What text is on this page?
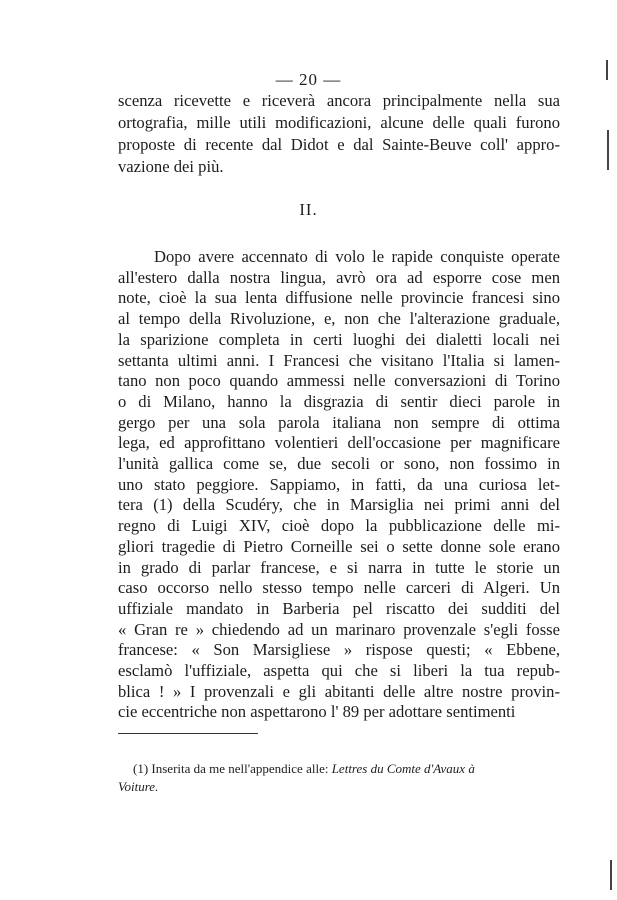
— 20 —
scenza ricevette e riceverà ancora principalmente nella sua
ortografia, mille utili modificazioni, alcune delle quali furono
proposte di recente dal Didot e dal Sainte-Beuve coll' appro-
vazione dei più.
II.
Dopo avere accennato di volo le rapide conquiste operate
all'estero dalla nostra lingua, avrò ora ad esporre cose men
note, cioè la sua lenta diffusione nelle provincie francesi sino
al tempo della Rivoluzione, e, non che l'alterazione graduale,
la sparizione completa in certi luoghi dei dialetti locali nei
settanta ultimi anni. I Francesi che visitano l'Italia si lamen-
tano non poco quando ammessi nelle conversazioni di Torino
o di Milano, hanno la disgrazia di sentir dieci parole in
gergo per una sola parola italiana non sempre di ottima
lega, ed approfittano volentieri dell'occasione per magnificare
l'unità gallica come se, due secoli or sono, non fossimo in
uno stato peggiore. Sappiamo, in fatti, da una curiosa let-
tera (1) della Scudéry, che in Marsiglia nei primi anni del
regno di Luigi XIV, cioè dopo la pubblicazione delle mi-
gliori tragedie di Pietro Corneille sei o sette donne sole erano
in grado di parlar francese, e si narra in tutte le storie un
caso occorso nello stesso tempo nelle carceri di Algeri. Un
uffiziale mandato in Barberia pel riscatto dei sudditi del
« Gran re » chiedendo ad un marinaro provenzale s'egli fosse
francese: « Son Marsigliese » rispose questi; « Ebbene,
esclamò l'uffiziale, aspetta qui che si liberi la tua repub-
blica ! » I provenzali e gli abitanti delle altre nostre provin-
cie eccentriche non aspettarono l' 89 per adottare sentimenti
(1) Inserita da me nell'appendice alle: Lettres du Comte d'Avaux à
Voiture.
